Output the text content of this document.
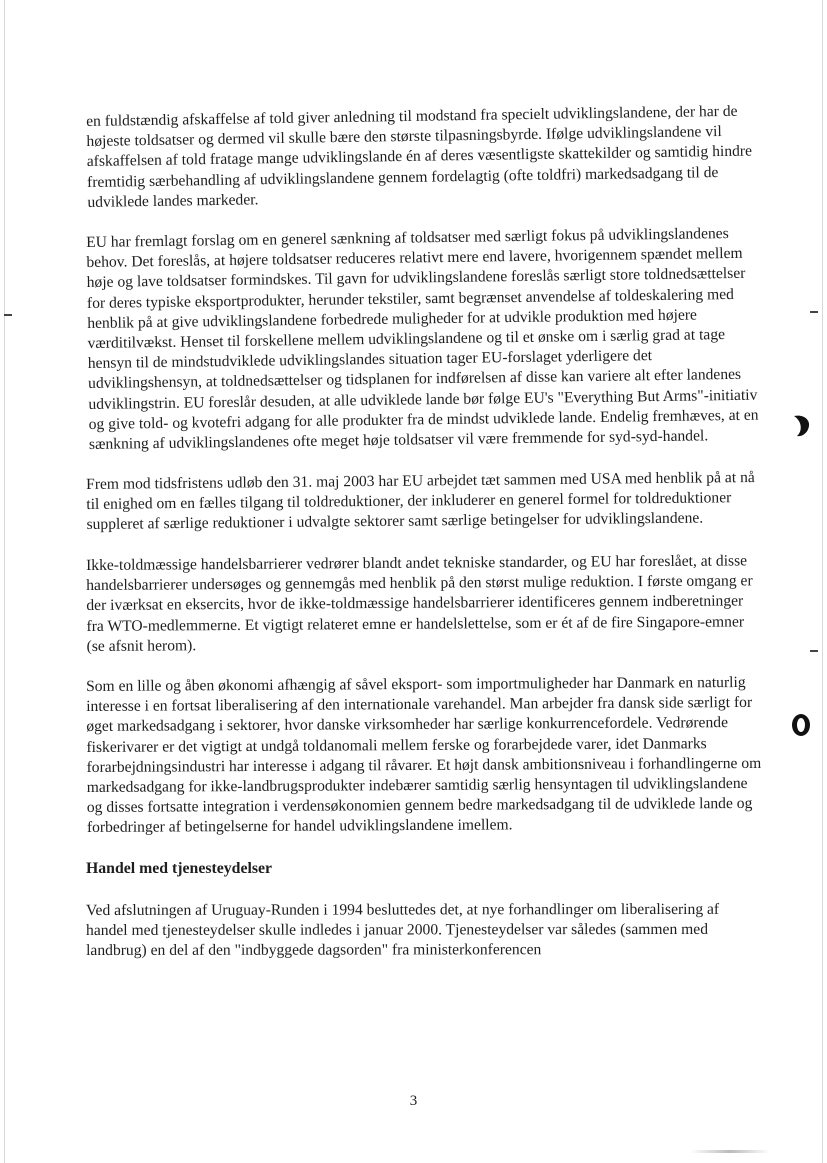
en fuldstændig afskaffelse af told giver anledning til modstand fra specielt udviklingslandene, der har de højeste toldsatser og dermed vil skulle bære den største tilpasningsbyrde. Ifølge udviklingslandene vil afskaffelsen af told fratage mange udviklingslande én af deres væsentligste skattekilder og samtidig hindre fremtidig særbehandling af udviklingslandene gennem fordelagtig (ofte toldfri) markedsadgang til de udviklede landes markeder.

EU har fremlagt forslag om en generel sænkning af toldsatser med særligt fokus på udviklingslandenes behov. Det foreslås, at højere toldsatser reduceres relativt mere end lavere, hvorigennem spændet mellem høje og lave toldsatser formindskes. Til gavn for udviklingslandene foreslås særligt store toldnedsættelser for deres typiske eksportprodukter, herunder tekstiler, samt begrænset anvendelse af toldeskalering med henblik på at give udviklingslandene forbedrede muligheder for at udvikle produktion med højere værditilvækst. Henset til forskellene mellem udviklingslandene og til et ønske om i særlig grad at tage hensyn til de mindstudviklede udviklingslandes situation tager EU-forslaget yderligere det udviklingshensyn, at toldnedsættelser og tidsplanen for indførelsen af disse kan variere alt efter landenes udviklingstrin. EU foreslår desuden, at alle udviklede lande bør følge EU's "Everything But Arms"-initiativ og give told- og kvotefri adgang for alle produkter fra de mindst udviklede lande. Endelig fremhæves, at en sænkning af udviklingslandenes ofte meget høje toldsatser vil være fremmende for syd-syd-handel.

Frem mod tidsfristens udløb den 31. maj 2003 har EU arbejdet tæt sammen med USA med henblik på at nå til enighed om en fælles tilgang til toldreduktioner, der inkluderer en generel formel for toldreduktioner suppleret af særlige reduktioner i udvalgte sektorer samt særlige betingelser for udviklingslandene.

Ikke-toldmæssige handelsbarrierer vedrører blandt andet tekniske standarder, og EU har foreslået, at disse handelsbarrierer undersøges og gennemgås med henblik på den størst mulige reduktion. I første omgang er der iværksat en ekserci​ts, hvor de ikke-toldmæssige handelsbarrierer identificeres gennem indberetninger fra WTO-medlemmerne. Et vigtigt relateret emne er handelslettelse, som er ét af de fire Singapore-emner (se afsnit herom).

Som en lille og åben økonomi afhængig af såvel eksport- som importmuligheder har Danmark en naturlig interesse i en fortsat liberalisering af den internationale varehandel. Man arbejder fra dansk side særligt for øget markedsadgang i sektorer, hvor danske virksomheder har særlige konkurrencefordele. Vedrørende fiskerivarer er det vigtigt at undgå toldanomali mellem ferske og forarbejdede varer, idet Danmarks forarbejdningsindustri har interesse i adgang til råvarer. Et højt dansk ambitionsniveau i forhandlingerne om markedsadgang for ikke-landbrugsprodukter indebærer samtidig særlig hensyntagen til udviklingslandene og disses fortsatte integration i verdensøkonomien gennem bedre markedsadgang til de udviklede lande og forbedringer af betingelserne for handel udviklingslandene imellem.

Handel med tjenesteydelser

Ved afslutningen af Uruguay-Runden i 1994 besluttedes det, at nye forhandlinger om liberalisering af handel med tjenesteydelser skulle indledes i januar 2000. Tjenesteydelser var således (sammen med landbrug) en del af den "indbyggede dagsorden" fra ministerkonferencen

3
